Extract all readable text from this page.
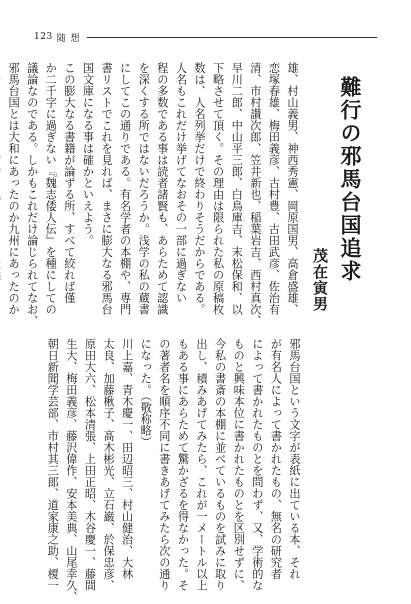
123 随 想
難行の邪馬台国追求
茂在寅男
邪馬台国という文字が表紙に出ている本、それ
が有名人によって書かれたもの、無名の研究者
によって書かれたものとを問わず、又、学術的な
ものと興味本位に書かれたものとを区別せずに、
今私の書斎の本棚に並べているものを試みに取り
出し、積みあげてみたら、これが一メートル以上
もある事にあらためて驚かざるを得なかった。そ
の著者名を順序不同に書きあげてみたら次の通り
になった。（敬称略）
川上嘉、青木慶一、田辺昭三、村山健治、大林
太良、加藤楸子、髙木彬光、立石巌、於保忠彦、
原田大六、松本清張、上田正昭、木谷慶一、藤間
生大、梅田義彦、藤沢偉作、安本美典、山尾幸久、
朝日新聞学芸部、市村其三郎、道家康之助、榎一
雄、村山義男、神西秀憲、岡原国男、高倉盛雄、
恋塚春雄、梅田義彦、古村豊、古田武彦、佐治有
清、市村讃次郎、笠井新也、稲葉岩吉、西村真次、
早川二郎、中山平三郎、白鳥庫吉、末松保和、以
下略させて頂く。その理由は限られた私の原稿枚
数は、人名列挙だけで終わりそうだからである。
人名もこれだけ挙げてなおその一部に過ぎない
程の多数である事は読者諸賢も、あらためて認識
を深くする所ではないだろうか。浅学の私の蔵書
にしてこの通りである。有名学者の本棚や、専門
書リストでこれを見れば、まさに膨大なる邪馬台
国文庫になる事は確かといえよう。
この膨大なる書籍が論ずる所、すべて絞れば僅
か二千字に過ぎない『魏志倭人伝』を種にしての
議論なのである。しかもこれだけ論じられてなお、
邪馬台国とは大和にあったのか九州にあったのか
